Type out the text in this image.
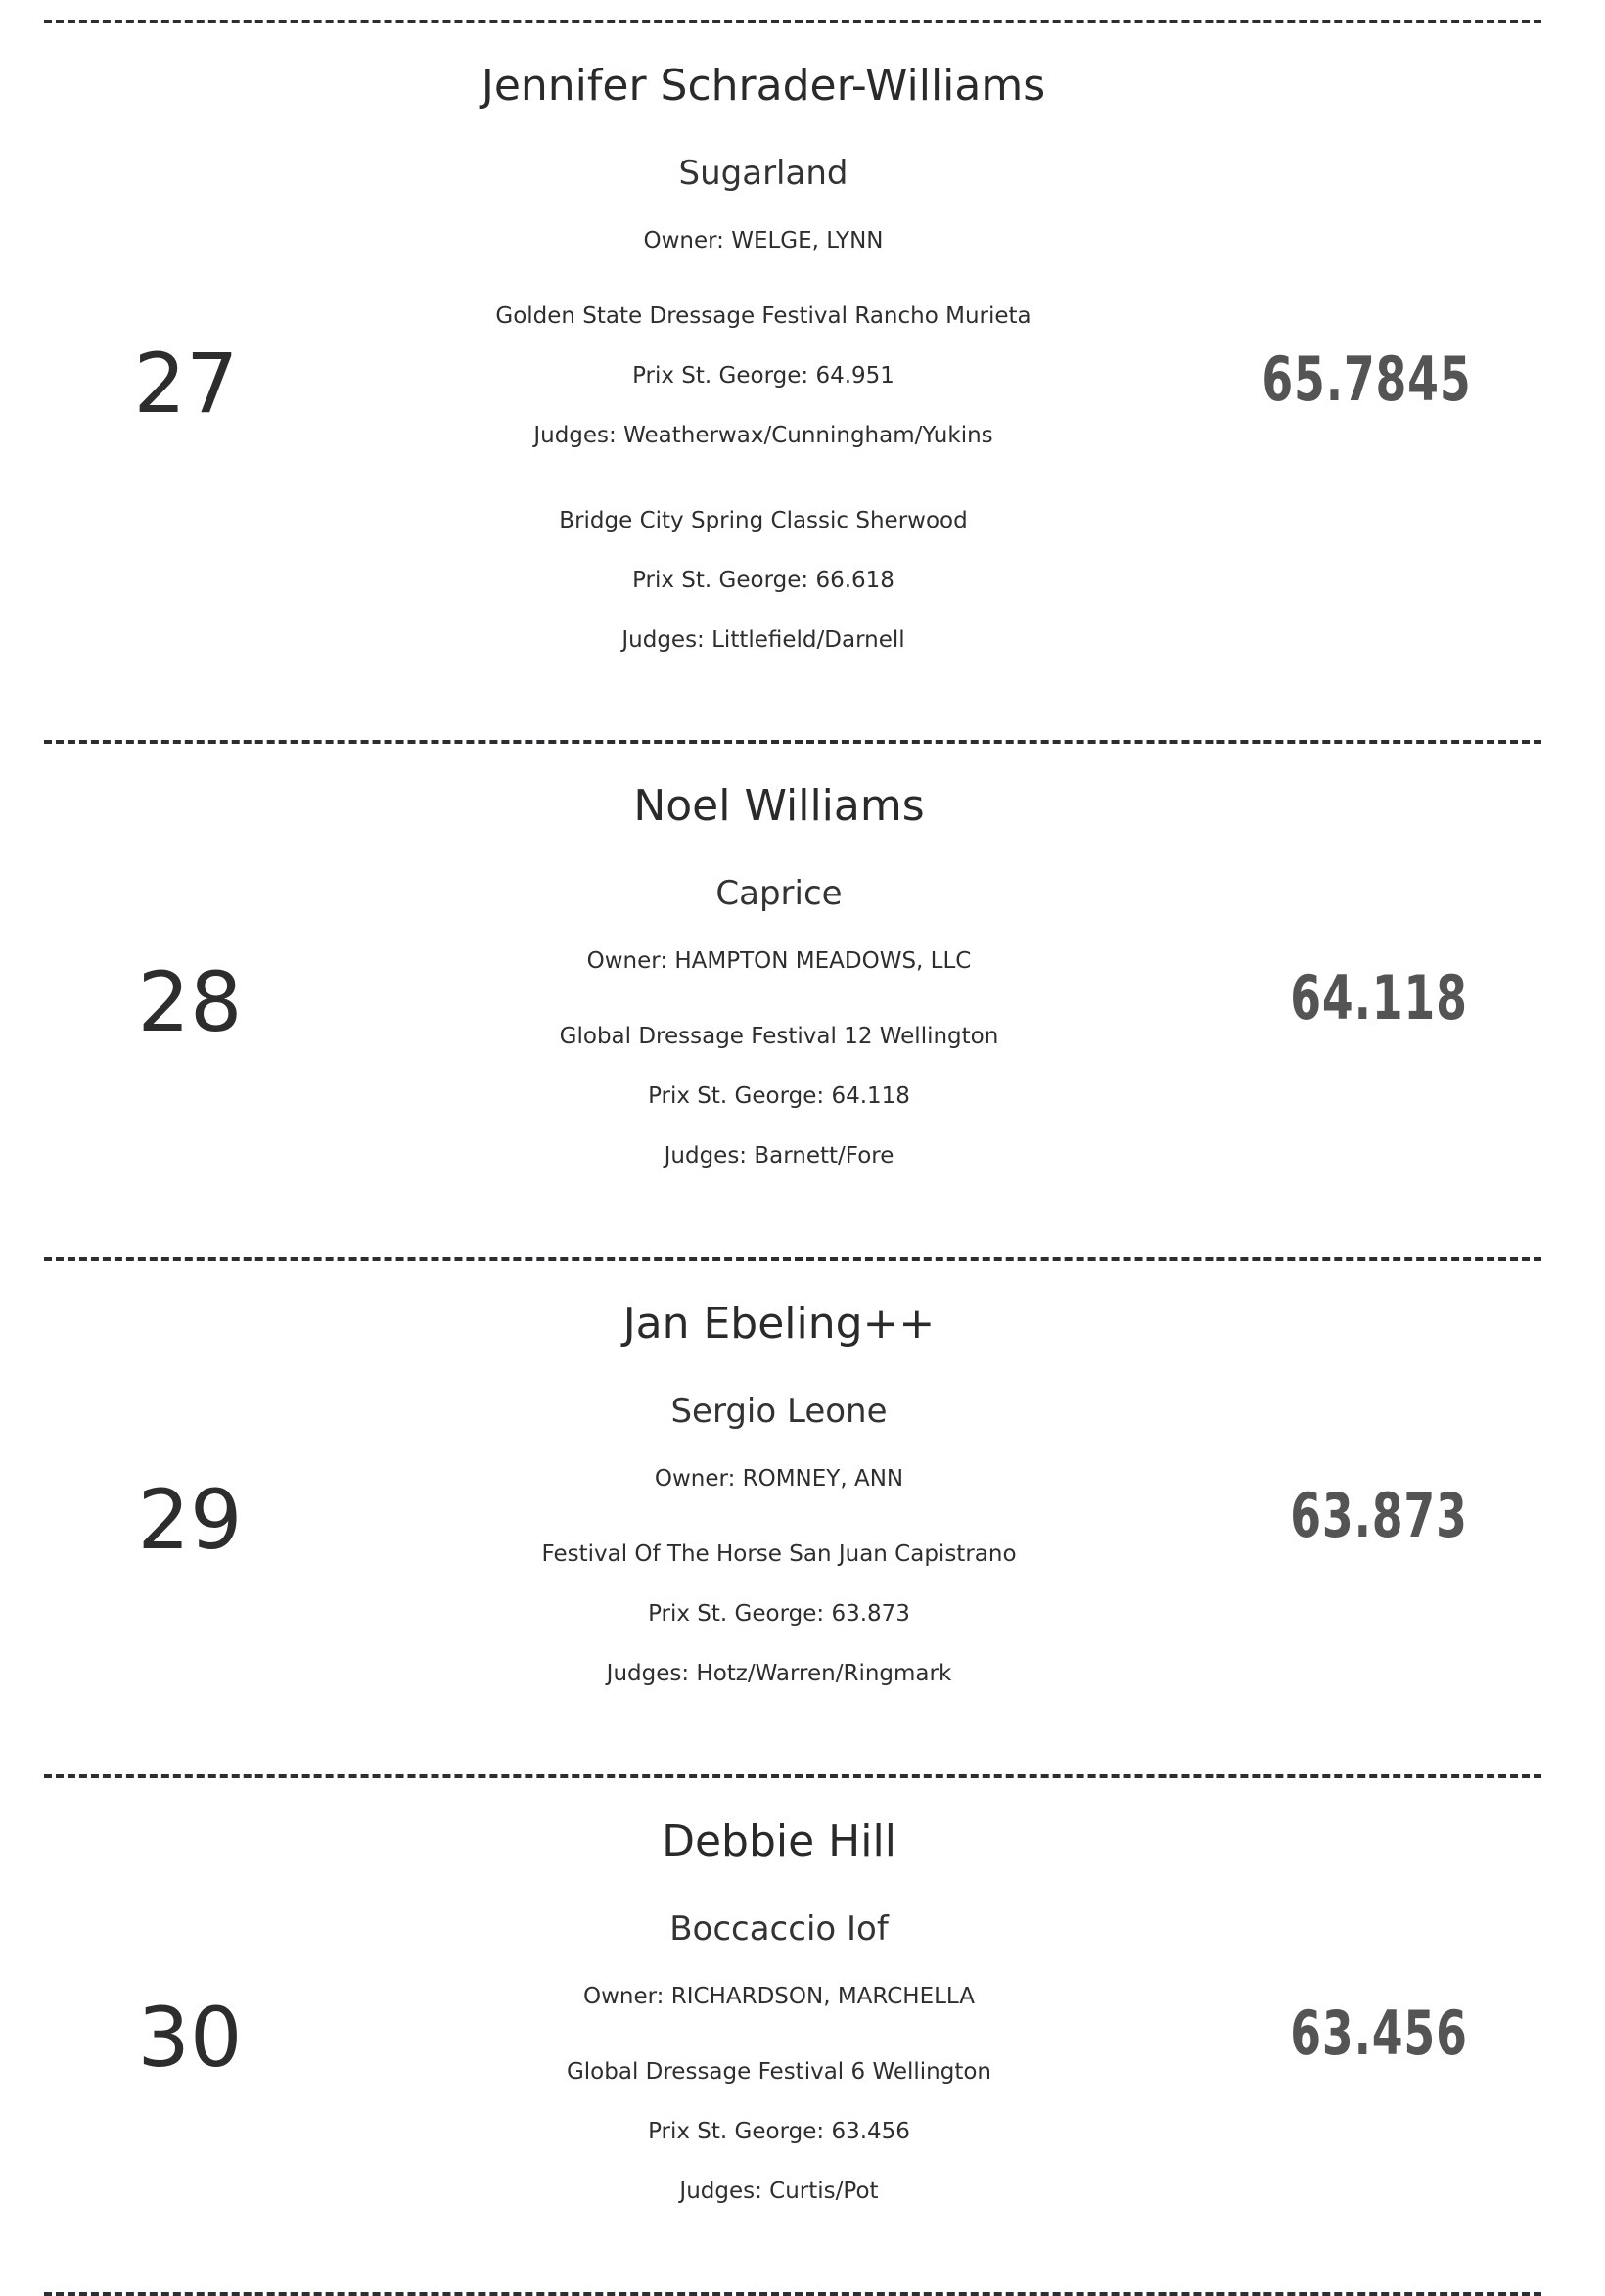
27
Jennifer Schrader-Williams
Sugarland
Owner: WELGE, LYNN
Golden State Dressage Festival Rancho Murieta
Prix St. George: 64.951
Judges: Weatherwax/Cunningham/Yukins
Bridge City Spring Classic Sherwood
Prix St. George: 66.618
Judges: Littlefield/Darnell
65.7845
28
Noel Williams
Caprice
Owner: HAMPTON MEADOWS, LLC
Global Dressage Festival 12 Wellington
Prix St. George: 64.118
Judges: Barnett/Fore
64.118
29
Jan Ebeling++
Sergio Leone
Owner: ROMNEY, ANN
Festival Of The Horse San Juan Capistrano
Prix St. George: 63.873
Judges: Hotz/Warren/Ringmark
63.873
30
Debbie Hill
Boccaccio Iof
Owner: RICHARDSON, MARCHELLA
Global Dressage Festival 6 Wellington
Prix St. George: 63.456
Judges: Curtis/Pot
63.456
